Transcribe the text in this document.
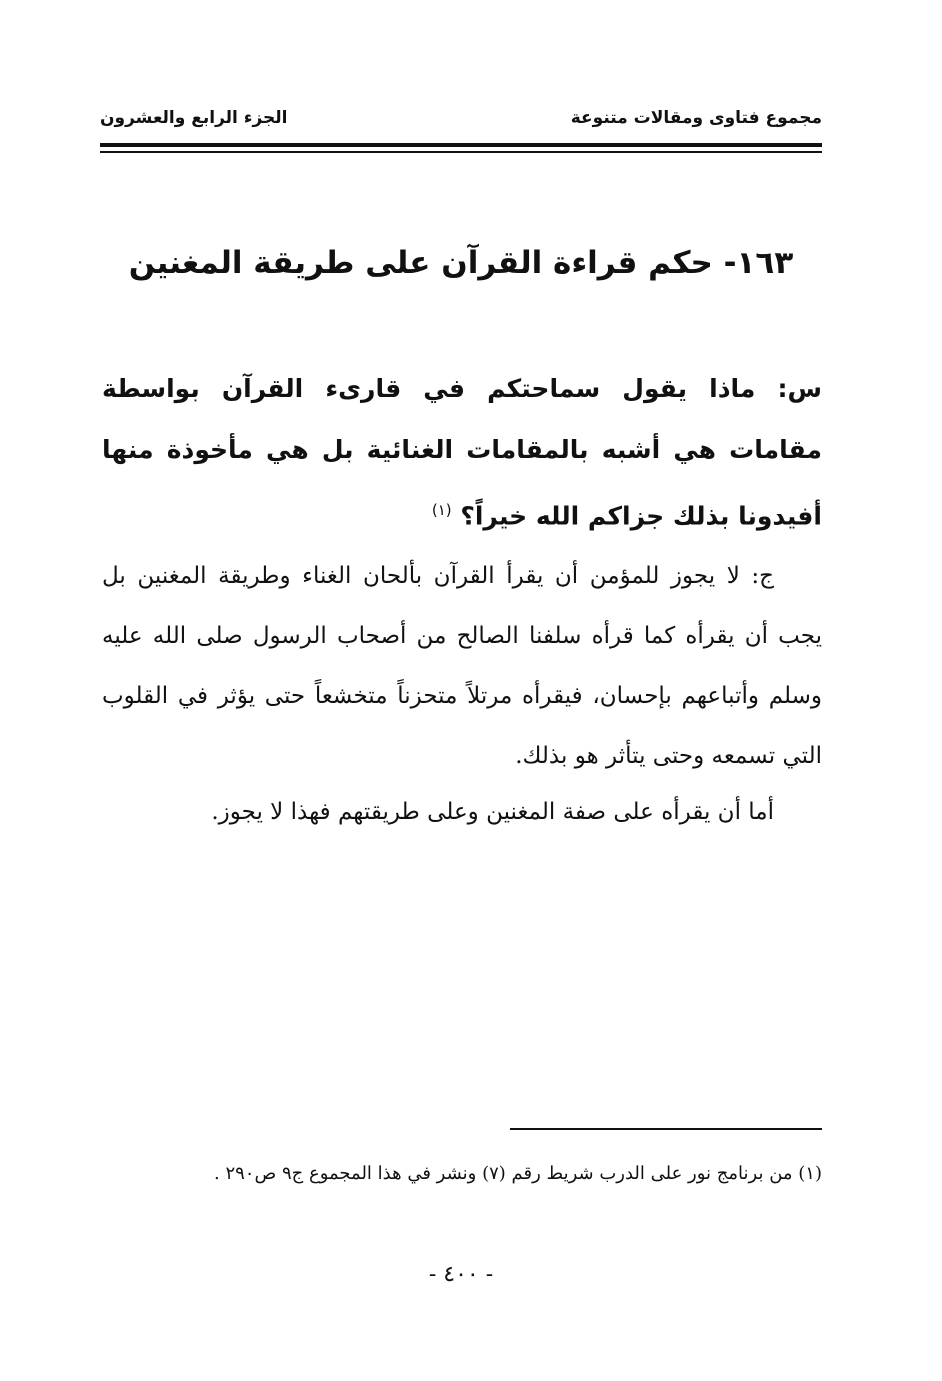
مجموع فتاوى ومقالات متنوعة
الجزء الرابع والعشرون
١٦٣- حكم قراءة القرآن على طريقة المغنين

س: ماذا يقول سماحتكم في قارىء القرآن بواسطة مقامات هي أشبه بالمقامات الغنائية بل هي مأخوذة منها أفيدونا بذلك جزاكم الله خيراً؟ $^{(١)}$

ج: لا يجوز للمؤمن أن يقرأ القرآن بألحان الغناء وطريقة المغنين بل يجب أن يقرأه كما قرأه سلفنا الصالح من أصحاب الرسول صلى الله عليه وسلم وأتباعهم بإحسان، فيقرأه مرتلاً متحزناً متخشعاً حتى يؤثر في القلوب التي تسمعه وحتى يتأثر هو بذلك.

أما أن يقرأه على صفة المغنين وعلى طريقتهم فهذا لا يجوز.

(١) من برنامج نور على الدرب شريط رقم (٧) ونشر في هذا المجموع ج٩ ص٢٩٠ .

- ٤٠٠ -
